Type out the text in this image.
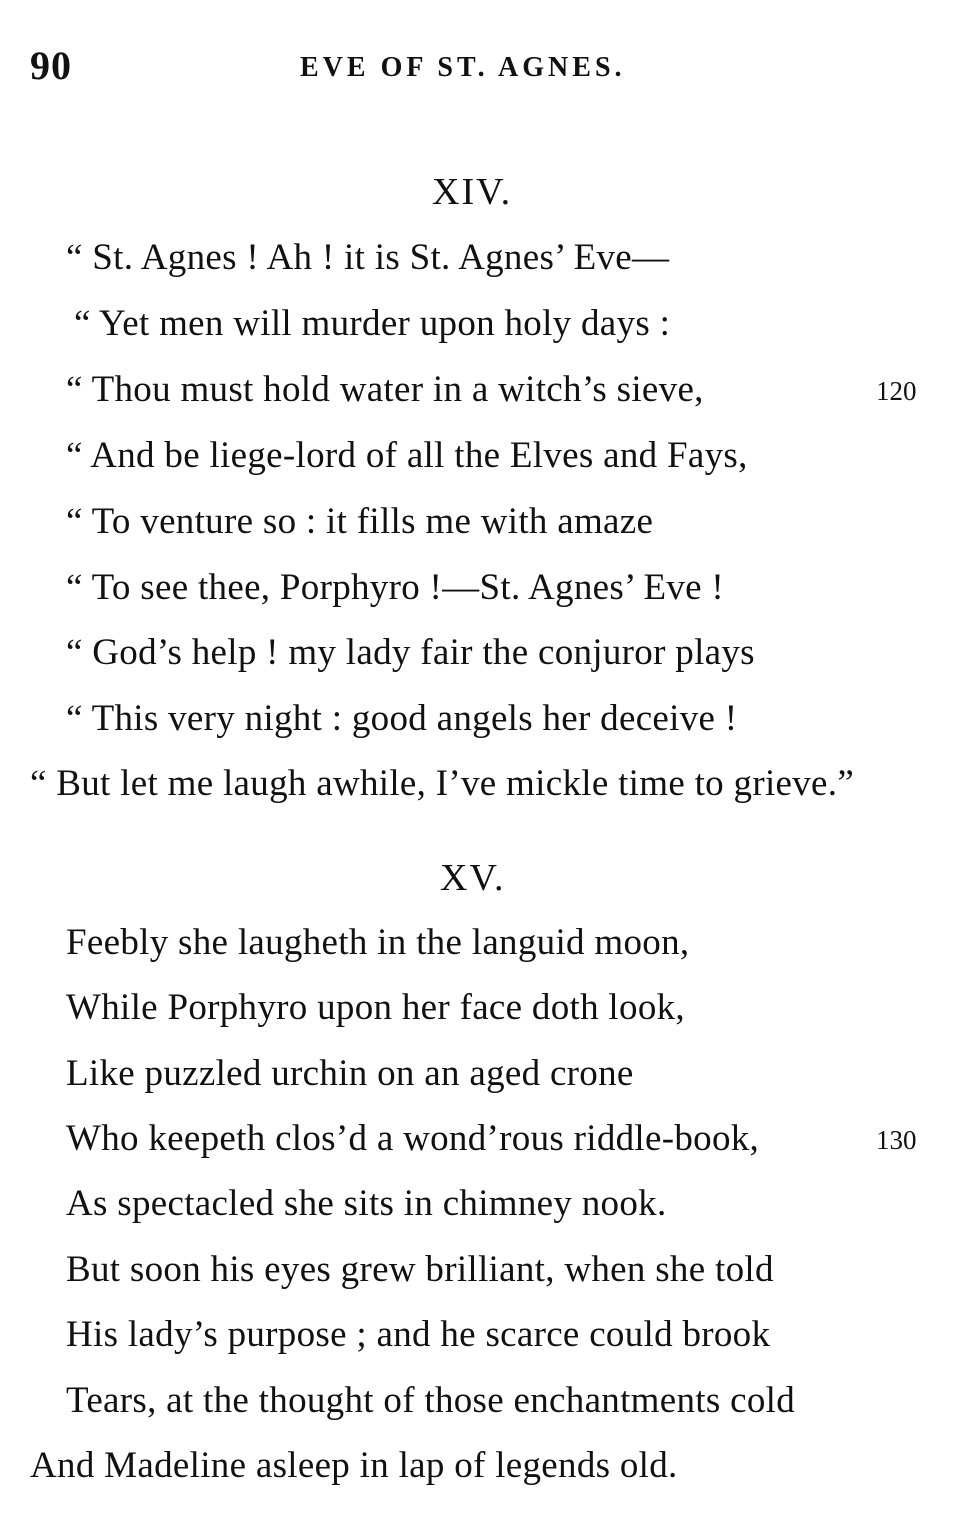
90	EVE OF ST. AGNES.
XIV.
“ St. Agnes ! Ah ! it is St. Agnes’ Eve—
“ Yet men will murder upon holy days :
“ Thou must hold water in a witch’s sieve,	120
“ And be liege-lord of all the Elves and Fays,
“ To venture so : it fills me with amaze
“ To see thee, Porphyro !—St. Agnes’ Eve !
“ God’s help ! my lady fair the conjuror plays
“ This very night : good angels her deceive !
“ But let me laugh awhile, I’ve mickle time to grieve.”
XV.
Feebly she laugheth in the languid moon,
While Porphyro upon her face doth look,
Like puzzled urchin on an aged crone
Who keepeth clos’d a wond’rous riddle-book,	130
As spectacled she sits in chimney nook.
But soon his eyes grew brilliant, when she told
His lady’s purpose ; and he scarce could brook
Tears, at the thought of those enchantments cold
And Madeline asleep in lap of legends old.
